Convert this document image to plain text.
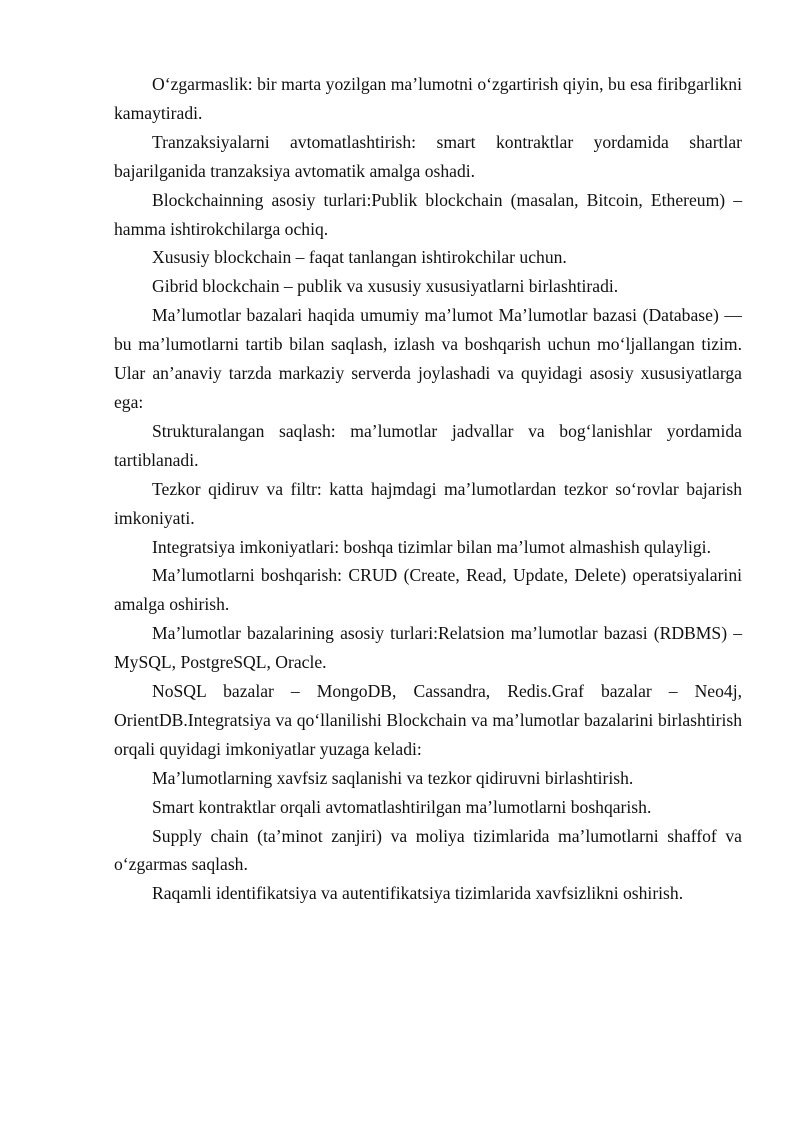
O‘zgarmaslik: bir marta yozilgan ma’lumotni o‘zgartirish qiyin, bu esa firibgarlikni kamaytiradi.

Tranzaksiyalarni avtomatlashtirish: smart kontraktlar yordamida shartlar bajarilganida tranzaksiya avtomatik amalga oshadi.

Blockchainning asosiy turlari:Publik blockchain (masalan, Bitcoin, Ethereum) – hamma ishtirokchilarga ochiq.

Xususiy blockchain – faqat tanlangan ishtirokchilar uchun.

Gibrid blockchain – publik va xususiy xususiyatlarni birlashtiradi.

Ma’lumotlar bazalari haqida umumiy ma’lumot Ma’lumotlar bazasi (Database) — bu ma’lumotlarni tartib bilan saqlash, izlash va boshqarish uchun mo‘ljallangan tizim. Ular an’anaviy tarzda markaziy serverda joylashadi va quyidagi asosiy xususiyatlarga ega:

Strukturalangan saqlash: ma’lumotlar jadvallar va bog‘lanishlar yordamida tartiblanadi.

Tezkor qidiruv va filtr: katta hajmdagi ma’lumotlardan tezkor so‘rovlar bajarish imkoniyati.

Integratsiya imkoniyatlari: boshqa tizimlar bilan ma’lumot almashish qulayligi.

Ma’lumotlarni boshqarish: CRUD (Create, Read, Update, Delete) operatsiyalarini amalga oshirish.

Ma’lumotlar bazalarining asosiy turlari:Relatsion ma’lumotlar bazasi (RDBMS) – MySQL, PostgreSQL, Oracle.

NoSQL bazalar – MongoDB, Cassandra, Redis.Graf bazalar – Neo4j, OrientDB.Integratsiya va qo‘llanilishi Blockchain va ma’lumotlar bazalarini birlashtirish orqali quyidagi imkoniyatlar yuzaga keladi:

Ma’lumotlarning xavfsiz saqlanishi va tezkor qidiruvni birlashtirish.

Smart kontraktlar orqali avtomatlashtirilgan ma’lumotlarni boshqarish.

Supply chain (ta’minot zanjiri) va moliya tizimlarida ma’lumotlarni shaffof va o‘zgarmas saqlash.

Raqamli identifikatsiya va autentifikatsiya tizimlarida xavfsizlikni oshirish.
